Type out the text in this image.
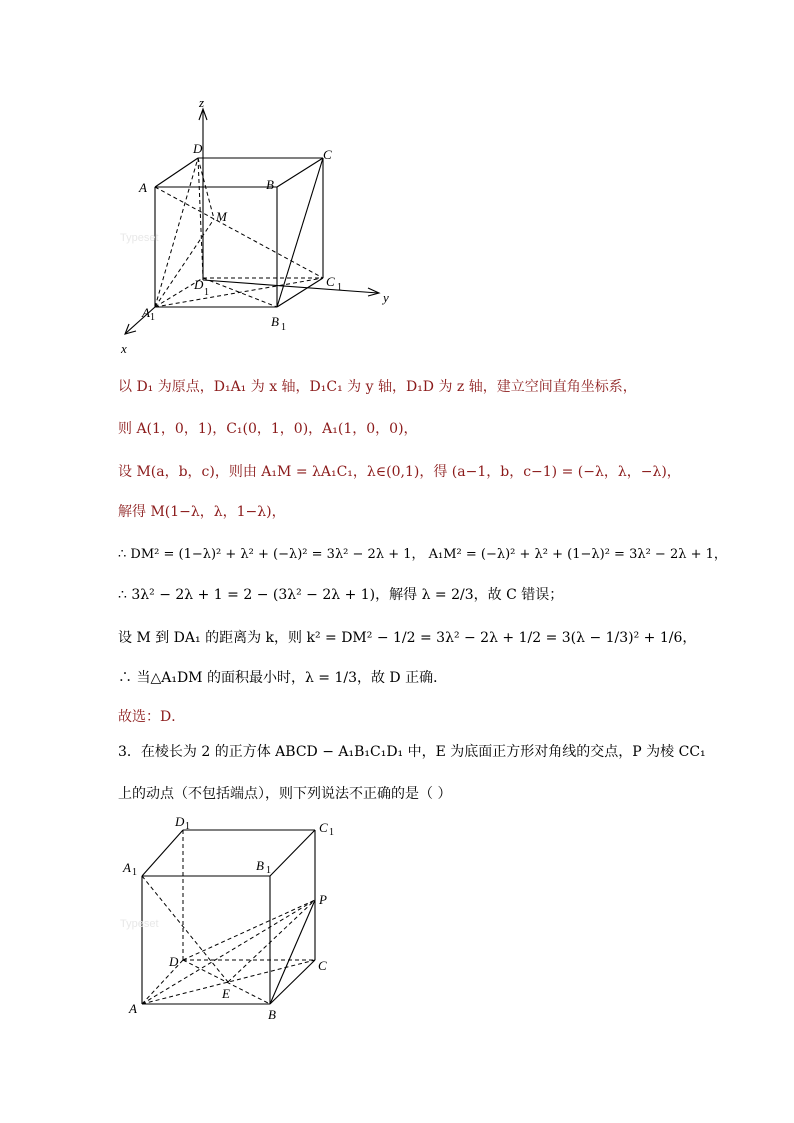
z
y
x
D
A	B
C
M
D
1
C 1
A 1	B 1
Typeset
以 D₁ 为原点，D₁A₁ 为 x 轴，D₁C₁ 为 y 轴，D₁D 为 z 轴，建立空间直角坐标系，
则 A(1，0，1)，C₁(0，1，0)，A₁(1，0，0)，
设 M(a，b，c)，则由 A₁M = λA₁C₁，λ∈(0,1)，得 (a−1，b，c−1) = (−λ，λ，−λ)，
解得 M(1−λ，λ，1−λ)，
∴ DM² = (1−λ)² + λ² + (−λ)² = 3λ² − 2λ + 1， A₁M² = (−λ)² + λ² + (1−λ)² = 3λ² − 2λ + 1，
∴ 3λ² − 2λ + 1 = 2 − (3λ² − 2λ + 1)，解得 λ = 2/3，故 C 错误；
设 M 到 DA₁ 的距离为 k，则 k² = DM² − 1/2 = 3λ² − 2λ + 1/2 = 3(λ − 1/3)² + 1/6，
∴ 当△A₁DM 的面积最小时，λ = 1/3，故 D 正确．
故选：D．
3．在棱长为 2 的正方体 ABCD − A₁B₁C₁D₁ 中，E 为底面正方形对角线的交点，P 为棱 CC₁
上的动点（不包括端点），则下列说法不正确的是（ ）
D 1	C 1
A 1	B 1
P
D	C
E
A	B
Typeset
